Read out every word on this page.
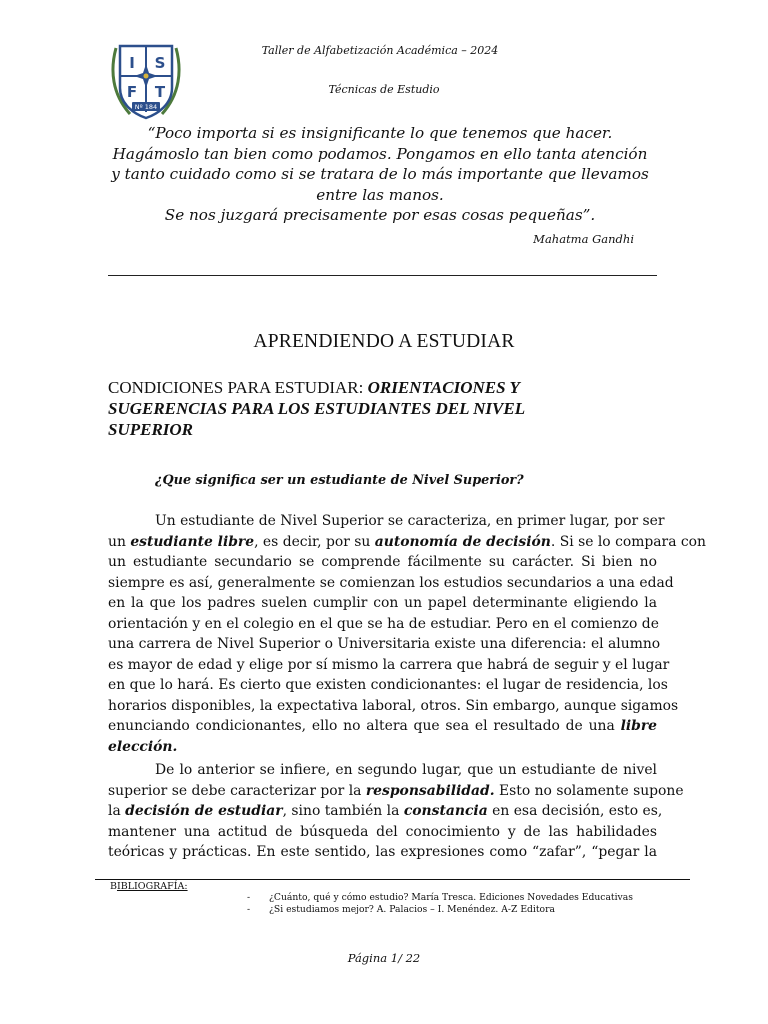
I S
F T
Nº 184
Taller de Alfabetización Académica – 2024
Técnicas de Estudio
“Poco importa si es insignificante lo que tenemos que hacer.
Hagámoslo tan bien como podamos. Pongamos en ello tanta atención
y tanto cuidado como si se tratara de lo más importante que llevamos
entre las manos.
Se nos juzgará precisamente por esas cosas pequeñas”.
Mahatma Gandhi
APRENDIENDO A ESTUDIAR
CONDICIONES PARA ESTUDIAR: ORIENTACIONES Y SUGERENCIAS PARA LOS ESTUDIANTES DEL NIVEL SUPERIOR
¿Que significa ser un estudiante de Nivel Superior?
Un estudiante de Nivel Superior se caracteriza, en primer lugar, por ser
un estudiante libre, es decir, por su autonomía de decisión. Si se lo compara con
un estudiante secundario se comprende fácilmente su carácter. Si bien no
siempre es así, generalmente se comienzan los estudios secundarios a una edad
en la que los padres suelen cumplir con un papel determinante eligiendo la
orientación y en el colegio en el que se ha de estudiar. Pero en el comienzo de
una carrera de Nivel Superior o Universitaria existe una diferencia: el alumno
es mayor de edad y elige por sí mismo la carrera que habrá de seguir y el lugar
en que lo hará. Es cierto que existen condicionantes: el lugar de residencia, los
horarios disponibles, la expectativa laboral, otros. Sin embargo, aunque sigamos
enunciando condicionantes, ello no altera que sea el resultado de una libre
elección.
De lo anterior se infiere, en segundo lugar, que un estudiante de nivel
superior se debe caracterizar por la responsabilidad. Esto no solamente supone
la decisión de estudiar, sino también la constancia en esa decisión, esto es,
mantener una actitud de búsqueda del conocimiento y de las habilidades
teóricas y prácticas. En este sentido, las expresiones como “zafar”, “pegar la
BIBLIOGRAFÍA:
- ¿Cuánto, qué y cómo estudio? María Tresca. Ediciones Novedades Educativas
- ¿Si estudiamos mejor? A. Palacios – I. Menéndez. A-Z Editora
Página 1/ 22
